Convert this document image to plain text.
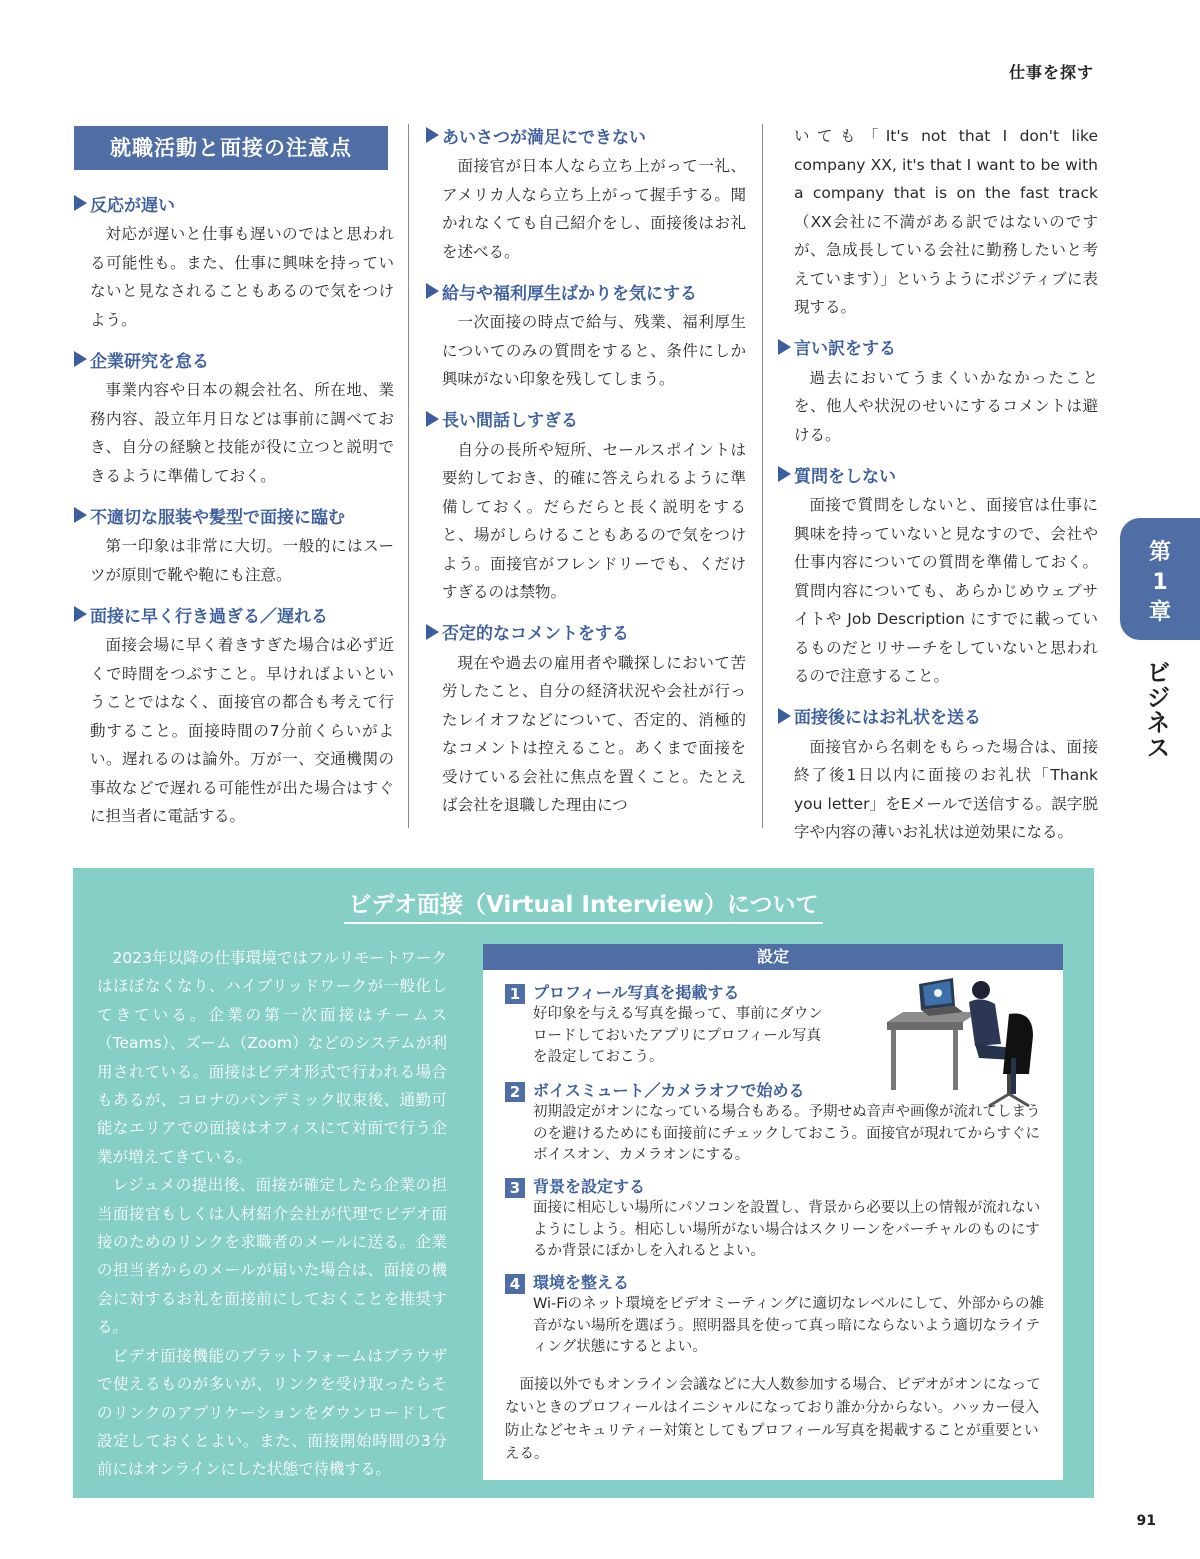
仕事を探す
就職活動と面接の注意点
反応が遅い

対応が遅いと仕事も遅いのではと思われる可能性も。また、仕事に興味を持っていないと見なされることもあるので気をつけよう。

企業研究を怠る

事業内容や日本の親会社名、所在地、業務内容、設立年月日などは事前に調べておき、自分の経験と技能が役に立つと説明できるように準備しておく。

不適切な服装や髪型で面接に臨む

第一印象は非常に大切。一般的にはスーツが原則で靴や鞄にも注意。

面接に早く行き過ぎる／遅れる

面接会場に早く着きすぎた場合は必ず近くで時間をつぶすこと。早ければよいということではなく、面接官の都合も考えて行動すること。面接時間の7分前くらいがよい。遅れるのは論外。万が一、交通機関の事故などで遅れる可能性が出た場合はすぐに担当者に電話する。

あいさつが満足にできない

面接官が日本人なら立ち上がって一礼、アメリカ人なら立ち上がって握手する。聞かれなくても自己紹介をし、面接後はお礼を述べる。

給与や福利厚生ばかりを気にする

一次面接の時点で給与、残業、福利厚生についてのみの質問をすると、条件にしか興味がない印象を残してしまう。

長い間話しすぎる

自分の長所や短所、セールスポイントは要約しておき、的確に答えられるように準備しておく。だらだらと長く説明をすると、場がしらけることもあるので気をつけよう。面接官がフレンドリーでも、くだけすぎるのは禁物。

否定的なコメントをする

現在や過去の雇用者や職探しにおいて苦労したこと、自分の経済状況や会社が行ったレイオフなどについて、否定的、消極的なコメントは控えること。あくまで面接を受けている会社に焦点を置くこと。たとえば会社を退職した理由につ

いても「It's not that I don't like company XX, it's that I want to be with a company that is on the fast track（XX会社に不満がある訳ではないのですが、急成長している会社に勤務したいと考えています）」というようにポジティブに表現する。

言い訳をする

過去においてうまくいかなかったことを、他人や状況のせいにするコメントは避ける。

質問をしない

面接で質問をしないと、面接官は仕事に興味を持っていないと見なすので、会社や仕事内容についての質問を準備しておく。質問内容についても、あらかじめウェブサイトや Job Description にすでに載っているものだとリサーチをしていないと思われるので注意すること。

面接後にはお礼状を送る

面接官から名刺をもらった場合は、面接終了後1日以内に面接のお礼状「Thank you letter」をEメールで送信する。誤字脱字や内容の薄いお礼状は逆効果になる。

第
1
章
ビジネス
ビデオ面接（Virtual Interview）について

2023年以降の仕事環境ではフルリモートワークはほぼなくなり、ハイブリッドワークが一般化してきている。企業の第一次面接はチームス（Teams）、ズーム（Zoom）などのシステムが利用されている。面接はビデオ形式で行われる場合もあるが、コロナのパンデミック収束後、通勤可能なエリアでの面接はオフィスにて対面で行う企業が増えてきている。

レジュメの提出後、面接が確定したら企業の担当面接官もしくは人材紹介会社が代理でビデオ面接のためのリンクを求職者のメールに送る。企業の担当者からのメールが届いた場合は、面接の機会に対するお礼を面接前にしておくことを推奨する。

ビデオ面接機能のプラットフォームはブラウザで使えるものが多いが、リンクを受け取ったらそのリンクのアプリケーションをダウンロードして設定しておくとよい。また、面接開始時間の3分前にはオンラインにした状態で待機する。

設定
1 プロフィール写真を掲載する
好印象を与える写真を撮って、事前にダウンロードしておいたアプリにプロフィール写真を設定しておこう。
2 ボイスミュート／カメラオフで始める
初期設定がオンになっている場合もある。予期せぬ音声や画像が流れてしまうのを避けるためにも面接前にチェックしておこう。面接官が現れてからすぐにボイスオン、カメラオンにする。
3 背景を設定する
面接に相応しい場所にパソコンを設置し、背景から必要以上の情報が流れないようにしよう。相応しい場所がない場合はスクリーンをバーチャルのものにするか背景にぼかしを入れるとよい。
4 環境を整える
Wi-Fiのネット環境をビデオミーティングに適切なレベルにして、外部からの雑音がない場所を選ぼう。照明器具を使って真っ暗にならないよう適切なライティング状態にするとよい。
面接以外でもオンライン会議などに大人数参加する場合、ビデオがオンになってないときのプロフィールはイニシャルになっており誰か分からない。ハッカー侵入防止などセキュリティー対策としてもプロフィール写真を掲載することが重要といえる。
91
